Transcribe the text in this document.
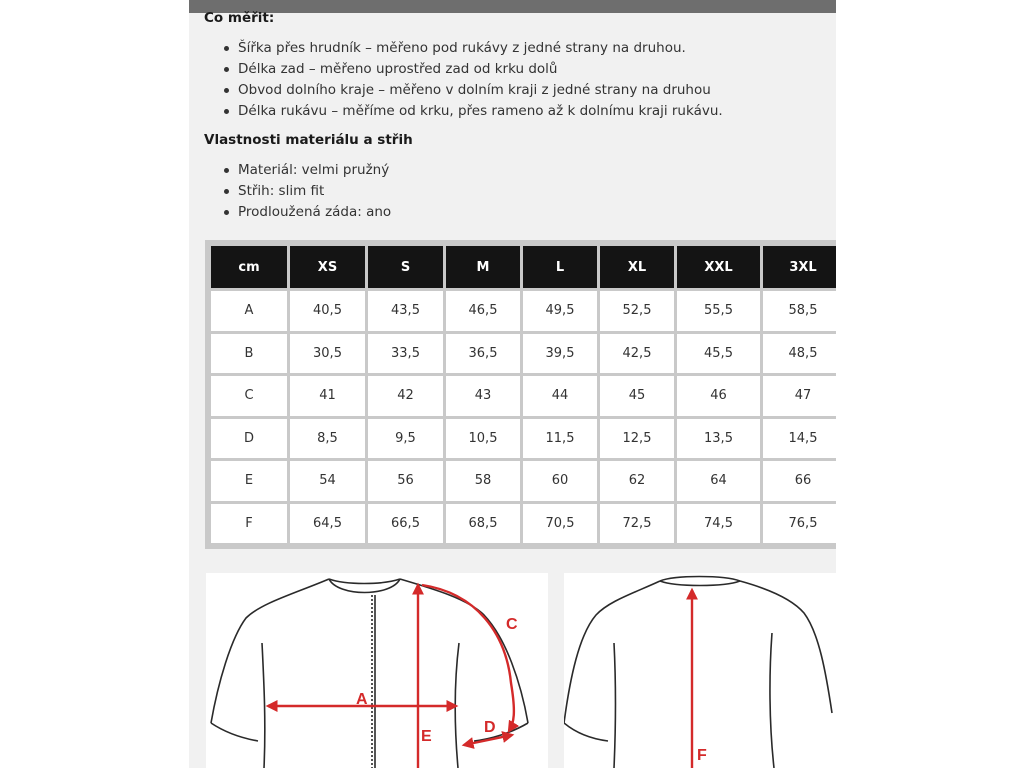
Co měřit:
Šířka přes hrudník – měřeno pod rukávy z jedné strany na druhou.
Délka zad – měřeno uprostřed zad od krku dolů
Obvod dolního kraje – měřeno v dolním kraji z jedné strany na druhou
Délka rukávu – měříme od krku, přes rameno až k dolnímu kraji rukávu.
Vlastnosti materiálu a střih
Materiál: velmi pružný
Střih: slim fit
Prodloužená záda: ano
cm	XS	S	M	L	XL	XXL	3XL
A	40,5	43,5	46,5	49,5	52,5	55,5	58,5
B	30,5	33,5	36,5	39,5	42,5	45,5	48,5
C	41	42	43	44	45	46	47
D	8,5	9,5	10,5	11,5	12,5	13,5	14,5
E	54	56	58	60	62	64	66
F	64,5	66,5	68,5	70,5	72,5	74,5	76,5
A
E
C
D
F
